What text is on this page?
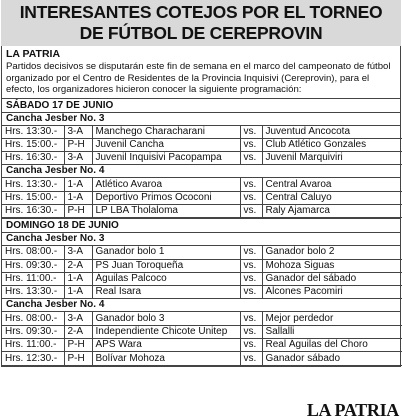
INTERESANTES COTEJOS POR EL TORNEO
DE FÚTBOL DE CEREPROVIN
LA PATRIA
Partidos decisivos se disputarán este fin de semana en el marco del campeonato de fútbol organizado por el Centro de Residentes de la Provincia Inquisivi (Cereprovin), para el efecto, los organizadores hicieron conocer la siguiente programación:
SÁBADO 17 DE JUNIO
Cancha Jesber No. 3
Hrs. 13:30.-	3-A	Manchego Characharani	vs.	Juventud Ancocota
Hrs. 15:00.-	P-H	Juvenil Cancha	vs.	Club Atlético Gonzales
Hrs. 16:30.-	3-A	Juvenil Inquisivi Pacopampa	vs.	Juvenil Marquiviri
Cancha Jesber No. 4
Hrs. 13:30.-	1-A	Atlético Avaroa	vs.	Central Avaroa
Hrs. 15:00.-	1-A	Deportivo Primos Ococoni	vs.	Central Caluyo
Hrs. 16:30.-	P-H	LP LBA Tholaloma	vs.	Raly Ajamarca
DOMINGO 18 DE JUNIO
Cancha Jesber No. 3
Hrs. 08:00.-	3-A	Ganador bolo 1	vs.	Ganador bolo 2
Hrs. 09:30.-	2-A	PS Juan Toroqueña	vs.	Mohoza Siguas
Hrs. 11:00.-	1-A	Águilas Palcoco	vs.	Ganador del sábado
Hrs. 13:30.-	1-A	Real Isara	vs.	Alcones Pacomiri
Cancha Jesber No. 4
Hrs. 08:00.-	3-A	Ganador bolo 3	vs.	Mejor perdedor
Hrs. 09:30.-	2-A	Independiente Chicote Unitep	vs.	Sallalli
Hrs. 11:00.-	P-H	APS Wara	vs.	Real Águilas del Choro
Hrs. 12:30.-	P-H	Bolívar Mohoza	vs.	Ganador sábado
LA PATRIA
